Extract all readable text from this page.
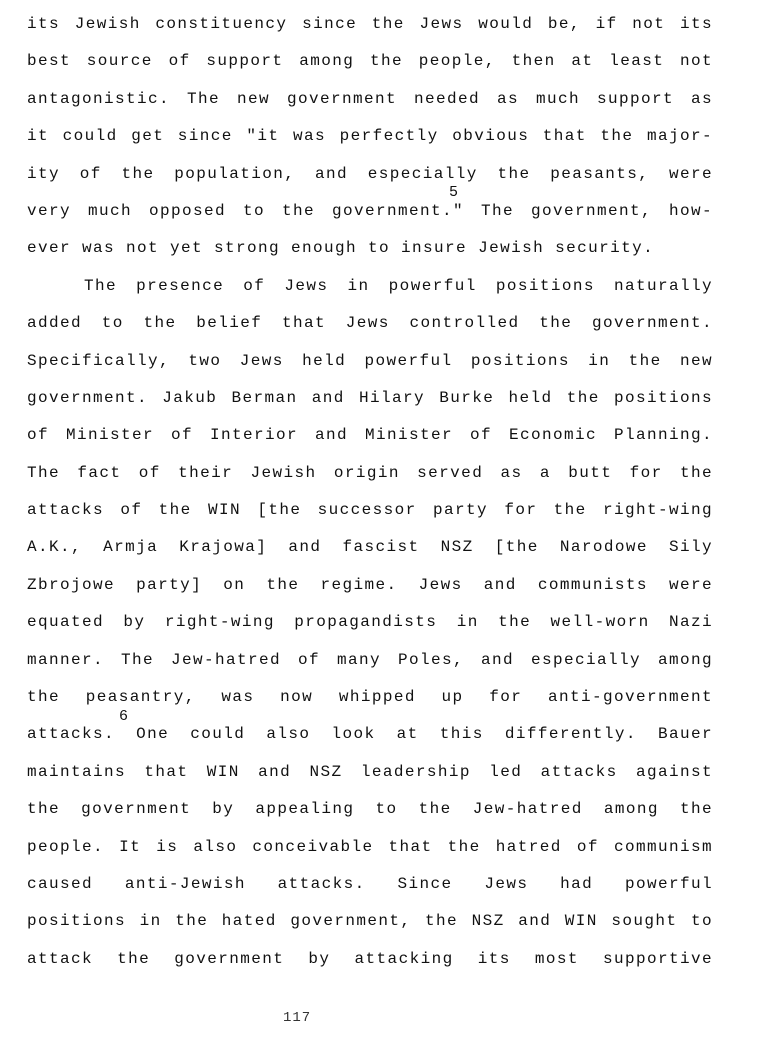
its Jewish constituency since the Jews would be, if not its
best source of support among the people, then at least not
antagonistic. The new government needed as much support as
it could get since "it was perfectly obvious that the major-
ity of the population, and especially the peasants, were
very much opposed to the government." The government, how-
ever was not yet strong enough to insure Jewish security.
The presence of Jews in powerful positions naturally
added to the belief that Jews controlled the government.
Specifically, two Jews held powerful positions in the new
government. Jakub Berman and Hilary Burke held the positions
of Minister of Interior and Minister of Economic Planning.
The fact of their Jewish origin served as a butt for the
attacks of the WIN [the successor party for the right-wing
A.K., Armja Krajowa] and fascist NSZ [the Narodowe Sily
Zbrojowe party] on the regime. Jews and communists were
equated by right-wing propagandists in the well-worn Nazi
manner. The Jew-hatred of many Poles, and especially among
the peasantry, was now whipped up for anti-government
attacks. One could also look at this differently. Bauer
maintains that WIN and NSZ leadership led attacks against
the government by appealing to the Jew-hatred among the
people. It is also conceivable that the hatred of communism
caused anti-Jewish attacks. Since Jews had powerful
positions in the hated government, the NSZ and WIN sought to
attack the government by attacking its most supportive
5
6
117
